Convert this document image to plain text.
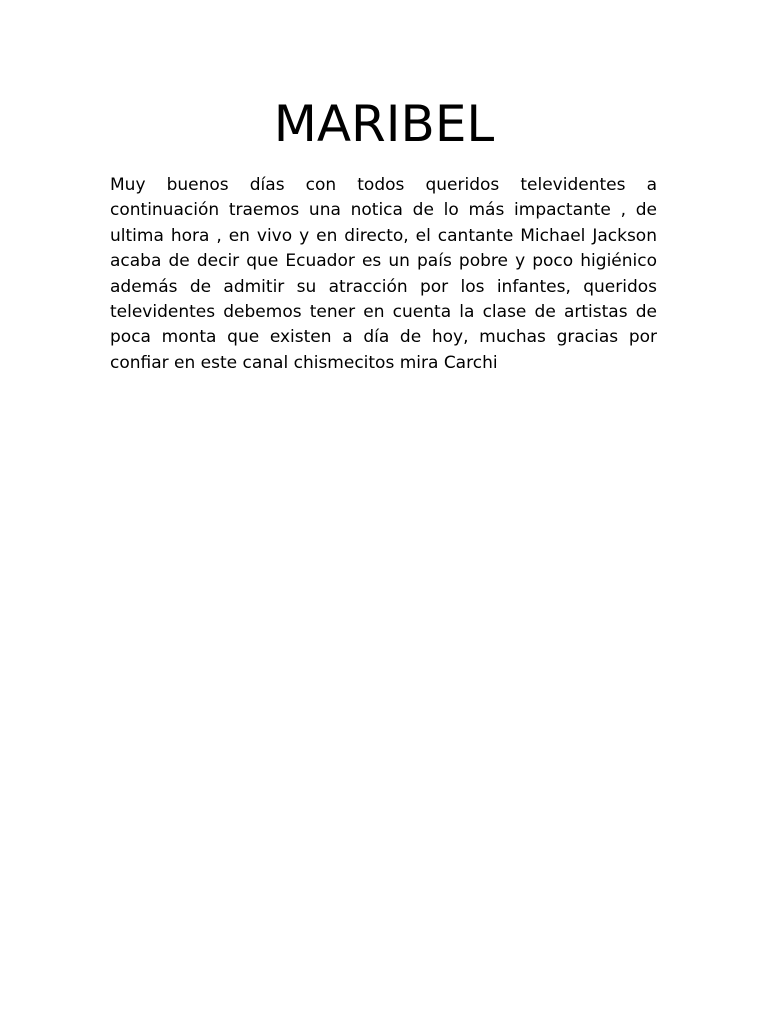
MARIBEL

Muy buenos días con todos queridos televidentes a continuación traemos una notica de lo más impactante , de ultima hora , en vivo y en directo, el cantante Michael Jackson acaba de decir que Ecuador es un país pobre y poco higiénico además de admitir su atracción por los infantes, queridos televidentes debemos tener en cuenta la clase de artistas de poca monta que existen a día de hoy, muchas gracias por confiar en este canal chismecitos mira Carchi
